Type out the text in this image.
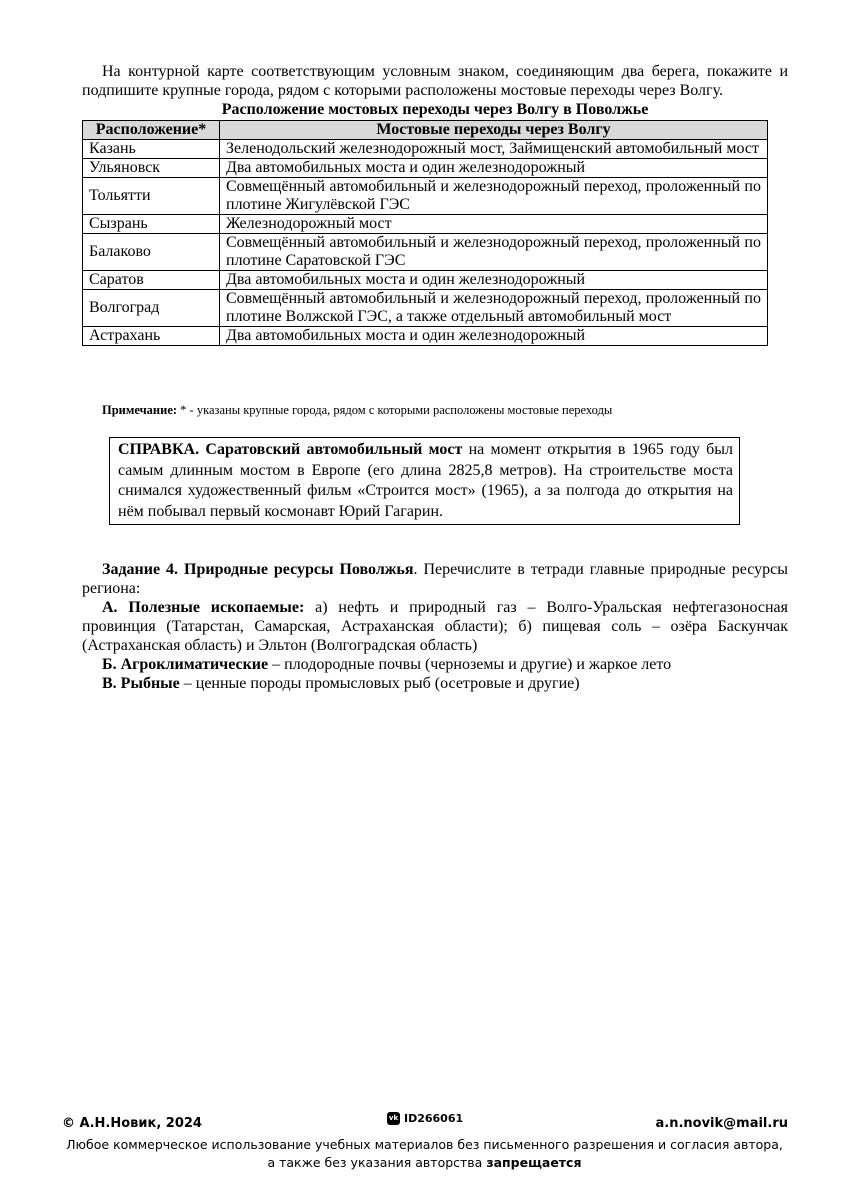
На контурной карте соответствующим условным знаком, соединяющим два берега, покажите и подпишите крупные города, рядом с которыми расположены мостовые переходы через Волгу.

Расположение мостовых переходы через Волгу в Поволжье
Расположение*	Мостовые переходы через Волгу
Казань	Зеленодольский железнодорожный мост, Займищенский автомобильный мост
Ульяновск	Два автомобильных моста и один железнодорожный
Тольятти	Совмещённый автомобильный и железнодорожный переход, проложенный по плотине Жигулёвской ГЭС
Сызрань	Железнодорожный мост
Балаково	Совмещённый автомобильный и железнодорожный переход, проложенный по плотине Саратовской ГЭС
Саратов	Два автомобильных моста и один железнодорожный
Волгоград	Совмещённый автомобильный и железнодорожный переход, проложенный по плотине Волжской ГЭС, а также отдельный автомобильный мост
Астрахань	Два автомобильных моста и один железнодорожный
Примечание: * - указаны крупные города, рядом с которыми расположены мостовые переходы
СПРАВКА. Саратовский автомобильный мост на момент открытия в 1965 году был самым длинным мостом в Европе (его длина 2825,8 метров). На строительстве моста снимался художественный фильм «Строится мост» (1965), а за полгода до открытия на нём побывал первый космонавт Юрий Гагарин.
Задание 4. Природные ресурсы Поволжья. Перечислите в тетради главные природные ресурсы региона:
А. Полезные ископаемые: а) нефть и природный газ – Волго-Уральская нефтегазоносная провинция (Татарстан, Самарская, Астраханская области); б) пищевая соль – озёра Баскунчак (Астраханская область) и Эльтон (Волгоградская область)
Б. Агроклиматические – плодородные почвы (черноземы и другие) и жаркое лето
В. Рыбные – ценные породы промысловых рыб (осетровые и другие)
© А.Н.Новик, 2024	vk ID266061	a.n.novik@mail.ru
Любое коммерческое использование учебных материалов без письменного разрешения и согласия автора,
а также без указания авторства запрещается
